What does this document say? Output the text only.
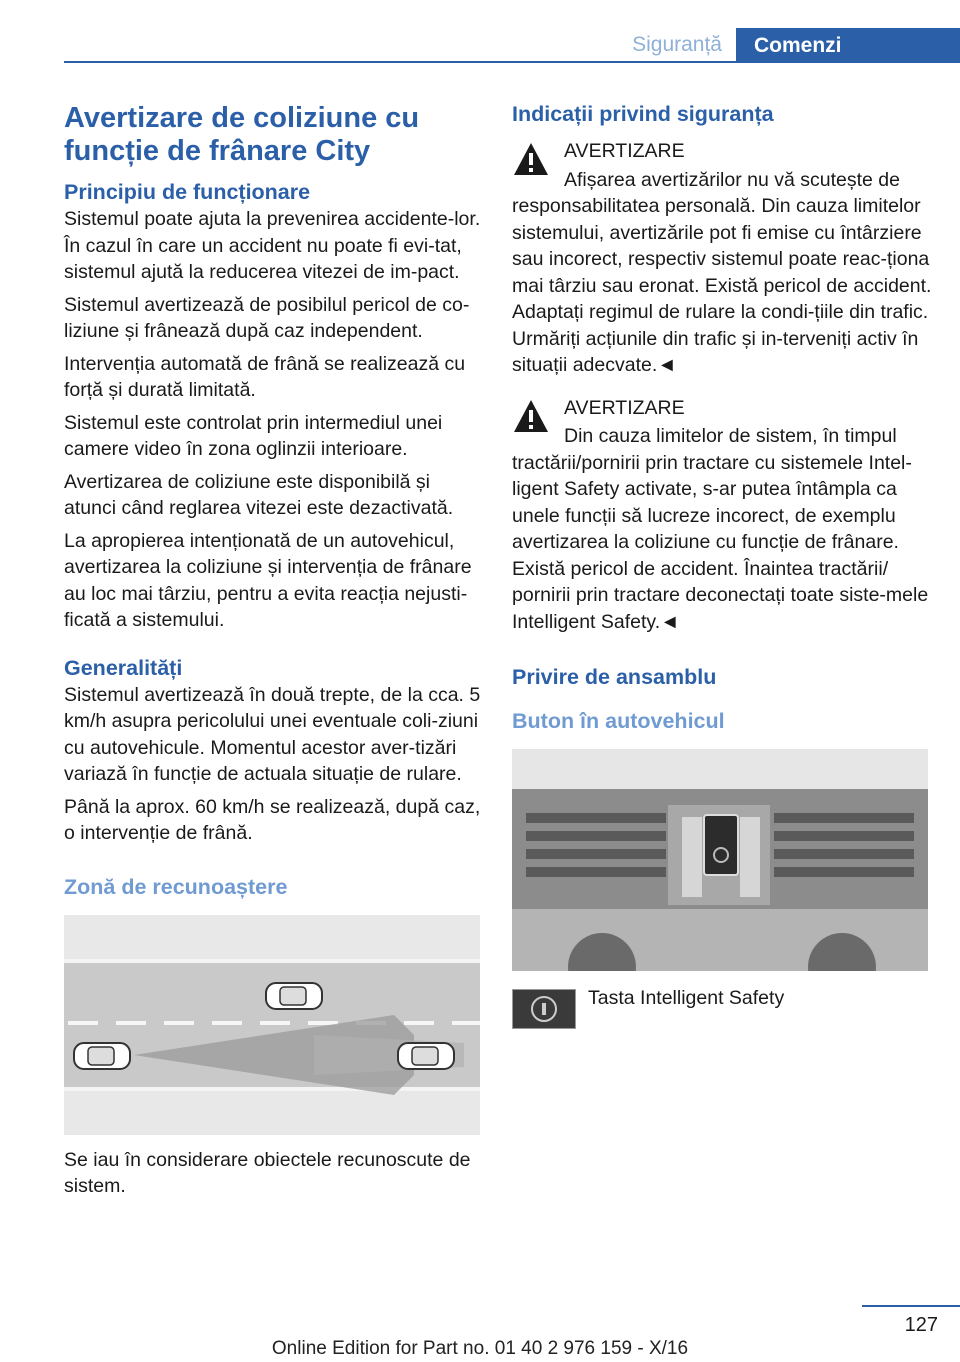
Siguranță	Comenzi
Avertizare de coliziune cu funcție de frânare City
Principiu de funcționare

Sistemul poate ajuta la prevenirea accidente-lor. În cazul în care un accident nu poate fi evi-tat, sistemul ajută la reducerea vitezei de im-pact.

Sistemul avertizează de posibilul pericol de co-liziune și frânează după caz independent.

Intervenția automată de frână se realizează cu forță și durată limitată.

Sistemul este controlat prin intermediul unei camere video în zona oglinzii interioare.

Avertizarea de coliziune este disponibilă și atunci când reglarea vitezei este dezactivată.

La apropierea intenționată de un autovehicul, avertizarea la coliziune și intervenția de frânare au loc mai târziu, pentru a evita reacția nejusti-ficată a sistemului.

Generalități

Sistemul avertizează în două trepte, de la cca. 5 km/h asupra pericolului unei eventuale coli-ziuni cu autovehicule. Momentul acestor aver-tizări variază în funcție de actuala situație de rulare.

Până la aprox. 60 km/h se realizează, după caz, o intervenție de frână.

Zonă de recunoaștere

Se iau în considerare obiectele recunoscute de sistem.

Indicații privind siguranța

AVERTIZARE

Afișarea avertizărilor nu vă scutește de responsabilitatea personală. Din cauza limitelor sistemului, avertizările pot fi emise cu întârziere sau incorect, respectiv sistemul poate reac-ționa mai târziu sau eronat. Există pericol de accident. Adaptați regimul de rulare la condi-țiile din trafic. Urmăriți acțiunile din trafic și in-terveniți activ în situații adecvate.◄

AVERTIZARE

Din cauza limitelor de sistem, în timpul tractării/pornirii prin tractare cu sistemele Intel-ligent Safety activate, s-ar putea întâmpla ca unele funcții să lucreze incorect, de exemplu avertizarea la coliziune cu funcție de frânare. Există pericol de accident. Înaintea tractării/ pornirii prin tractare deconectați toate siste-mele Intelligent Safety.◄

Privire de ansamblu
Buton în autovehicul
Tasta Intelligent Safety
127
Online Edition for Part no. 01 40 2 976 159 - X/16
